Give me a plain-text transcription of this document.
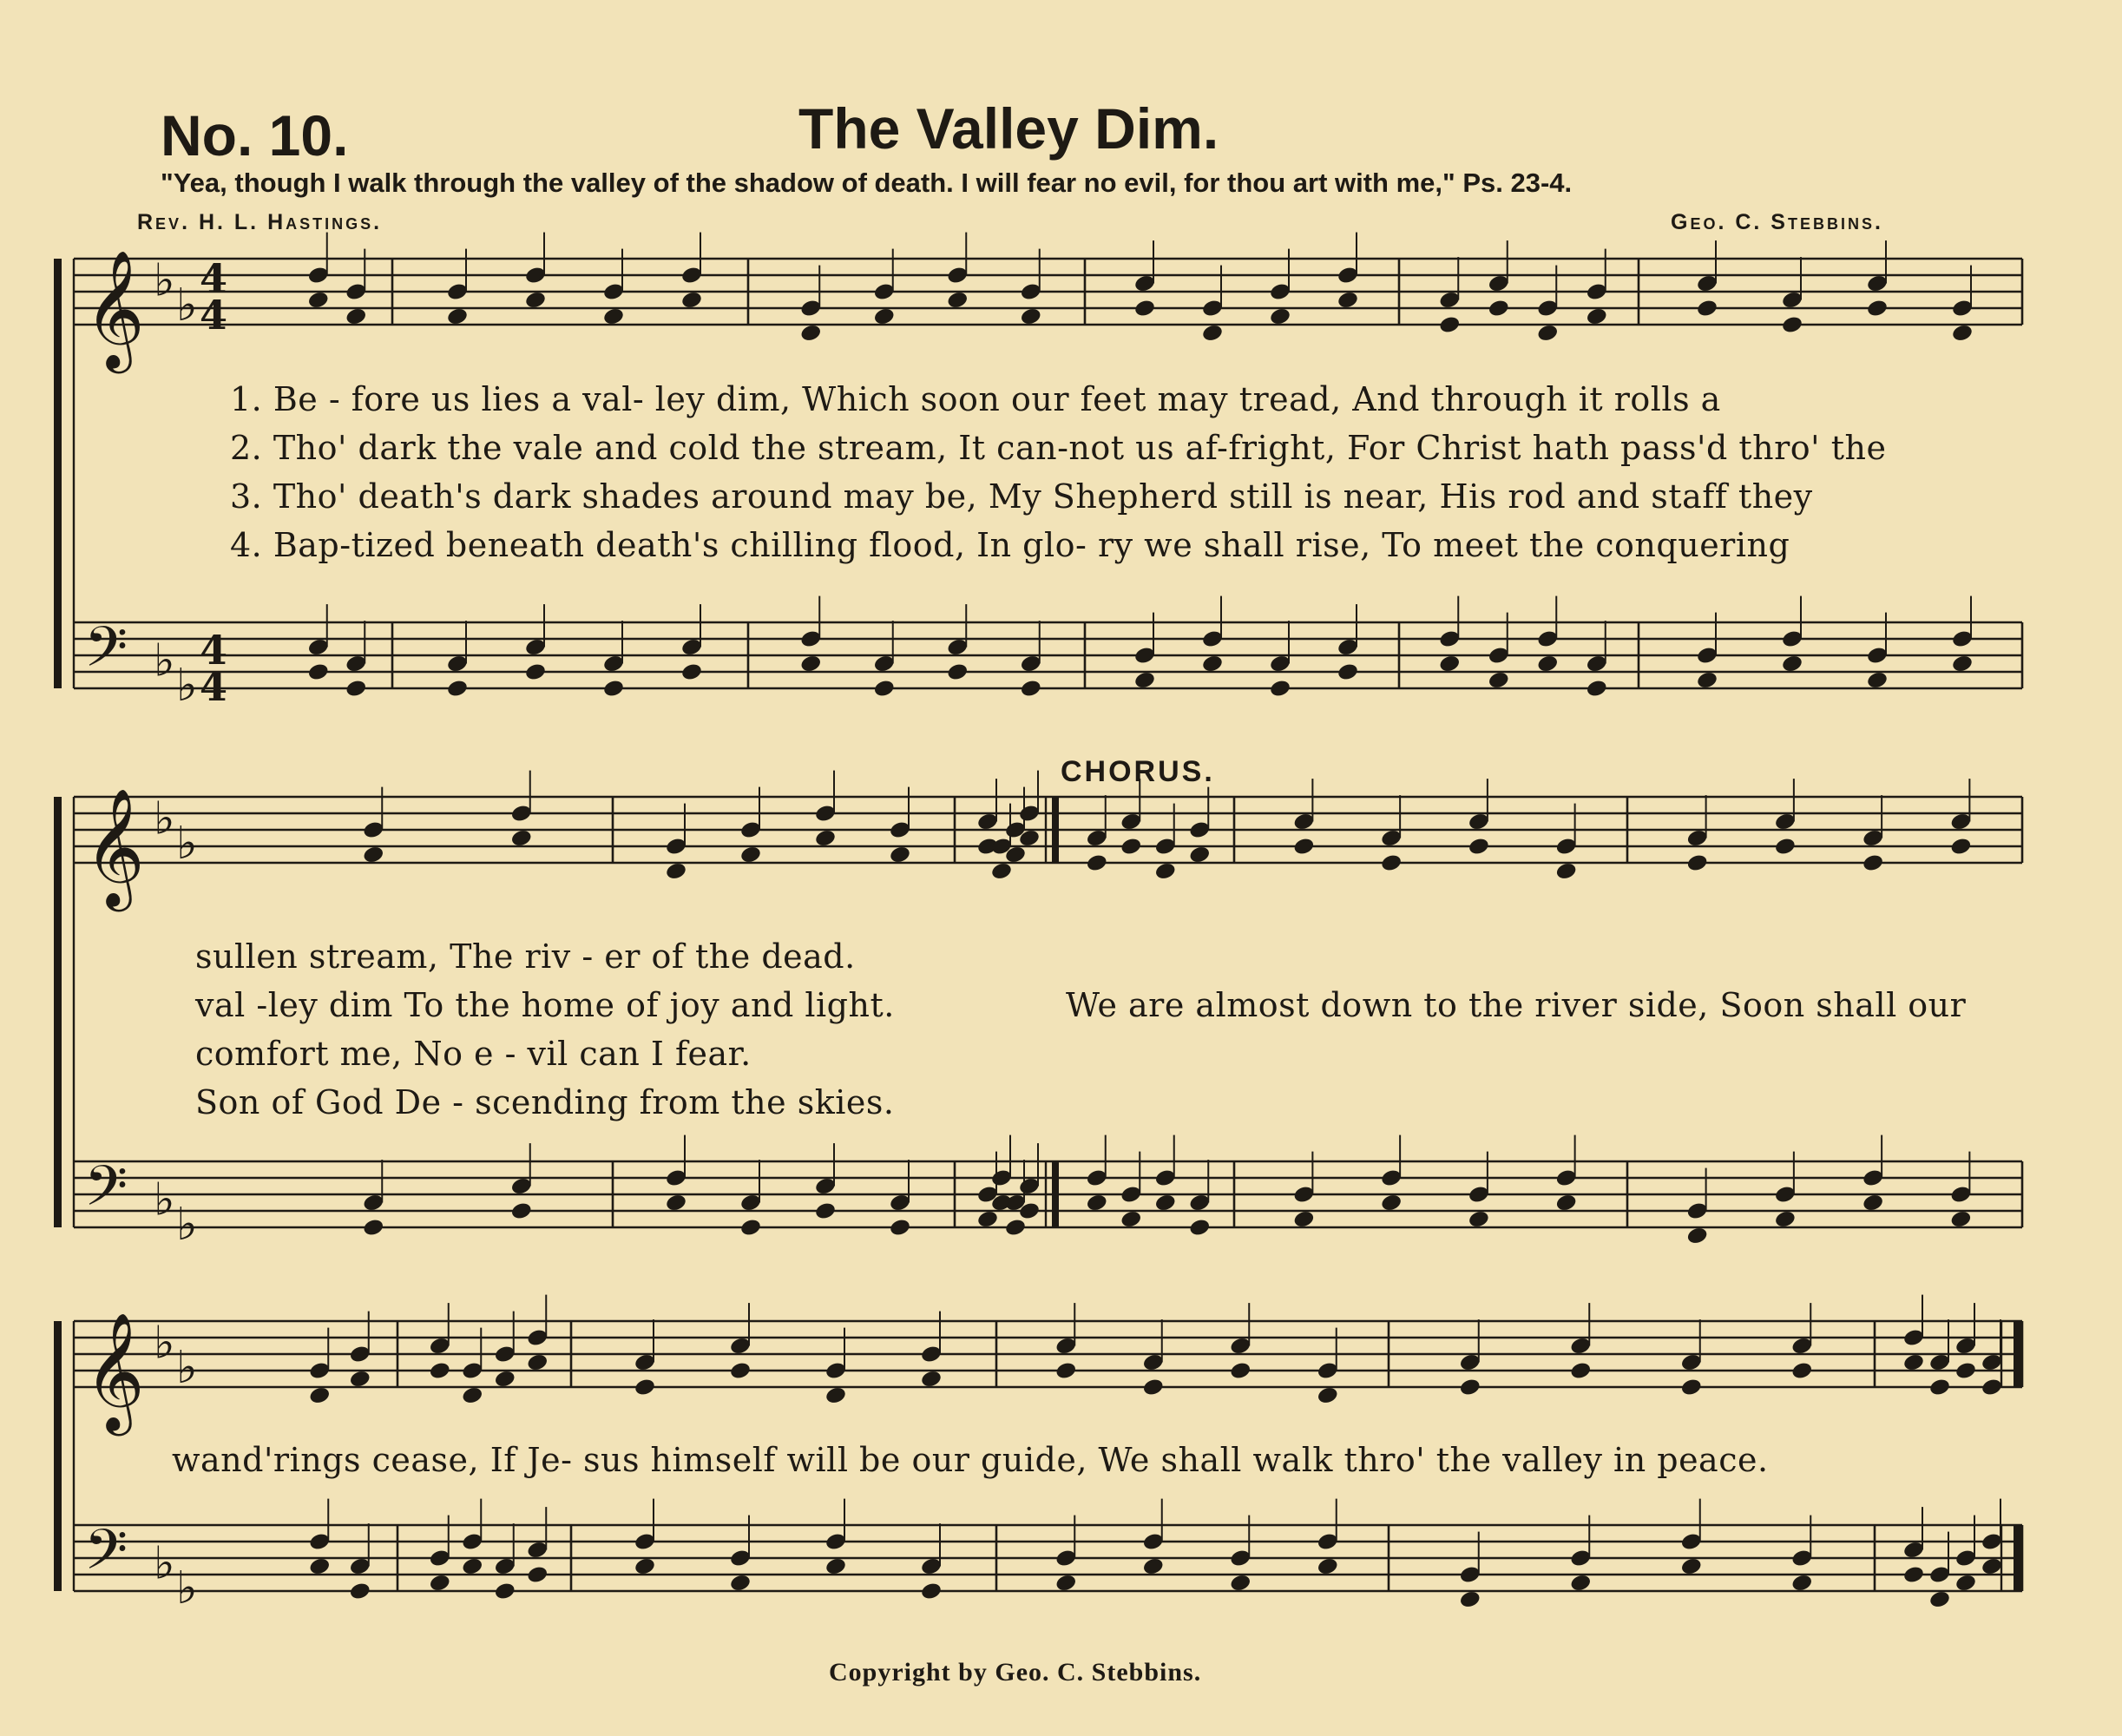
No. 10.	The Valley Dim.
"Yea, though I walk through the valley of the shadow of death. I will fear no evil, for thou art with me," Ps. 23-4.
Rev. H. L. Hastings.	Geo. C. Stebbins.
𝄞 ♭ ♭
𝄢 ♭ ♭
𝄞 ♭ ♭
𝄢 ♭ ♭
𝄞 ♭ ♭
𝄢 ♭ ♭
4
4
4
4
1. Be - fore us lies a val- ley dim, Which soon our feet may tread, And through it rolls a
2. Tho' dark the vale and cold the stream, It can-not us af-fright, For Christ hath pass'd thro' the
3. Tho' death's dark shades around may be, My Shepherd still is near, His rod and staff they
4. Bap-tized beneath death's chilling flood, In glo- ry we shall rise, To meet the conquering
CHORUS.
sullen stream, The riv - er of the dead.
val -ley dim To the home of joy and light.
comfort me, No e - vil can I fear.
Son of God De - scending from the skies.
We are almost down to the river side, Soon shall our
wand'rings cease, If Je- sus himself will be our guide, We shall walk thro' the valley in peace.
Copyright by Geo. C. Stebbins.
